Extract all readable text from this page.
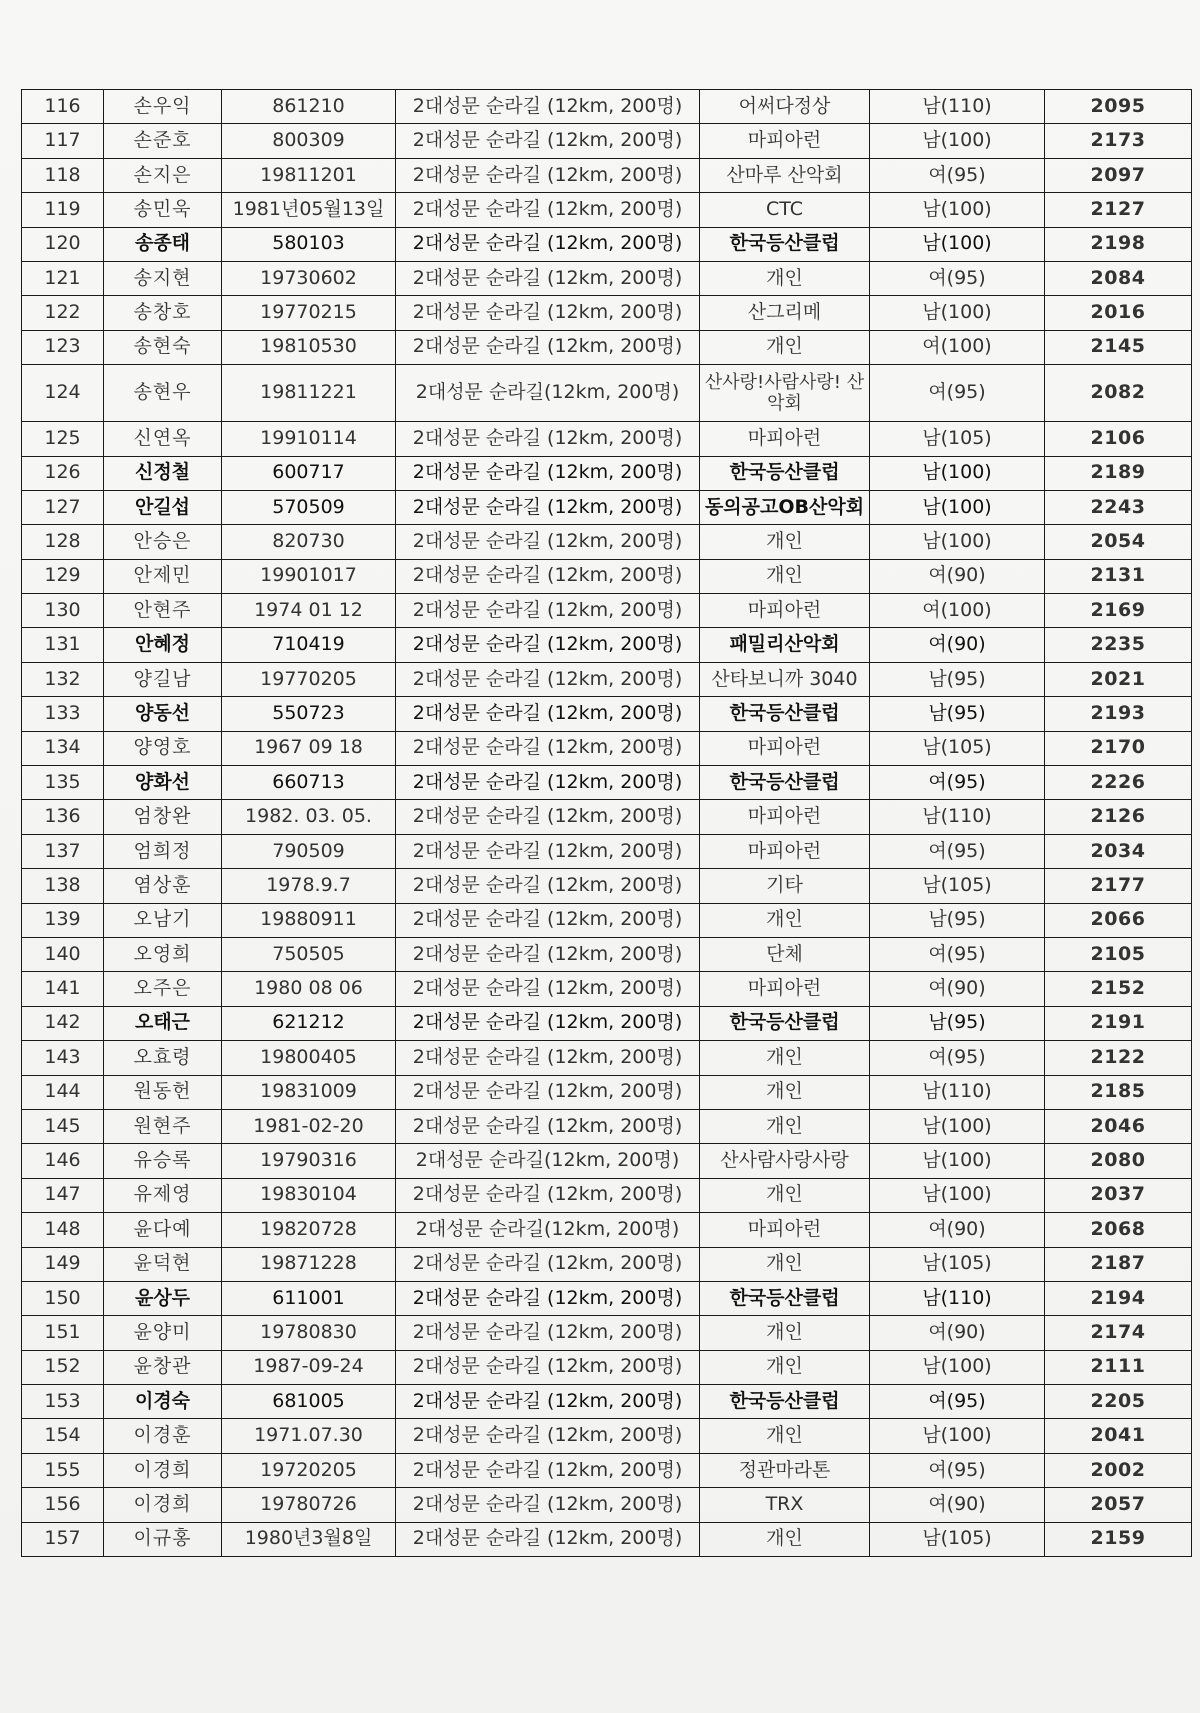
116	손우익	861210	2대성문 순라길 (12km, 200명)	어써다정상	남(110)	2095
117	손준호	800309	2대성문 순라길 (12km, 200명)	마피아런	남(100)	2173
118	손지은	19811201	2대성문 순라길 (12km, 200명)	산마루 산악회	여(95)	2097
119	송민욱	1981년05월13일	2대성문 순라길 (12km, 200명)	CTC	남(100)	2127
120	송종태	580103	2대성문 순라길 (12km, 200명)	한국등산클럽	남(100)	2198
121	송지현	19730602	2대성문 순라길 (12km, 200명)	개인	여(95)	2084
122	송창호	19770215	2대성문 순라길 (12km, 200명)	산그리메	남(100)	2016
123	송현숙	19810530	2대성문 순라길 (12km, 200명)	개인	여(100)	2145
124	송현우	19811221	2대성문 순라길(12km, 200명)	산사랑!사람사랑! 산악회	여(95)	2082
125	신연옥	19910114	2대성문 순라길 (12km, 200명)	마피아런	남(105)	2106
126	신정철	600717	2대성문 순라길 (12km, 200명)	한국등산클럽	남(100)	2189
127	안길섭	570509	2대성문 순라길 (12km, 200명)	동의공고OB산악회	남(100)	2243
128	안승은	820730	2대성문 순라길 (12km, 200명)	개인	남(100)	2054
129	안제민	19901017	2대성문 순라길 (12km, 200명)	개인	여(90)	2131
130	안현주	1974 01 12	2대성문 순라길 (12km, 200명)	마피아런	여(100)	2169
131	안혜정	710419	2대성문 순라길 (12km, 200명)	패밀리산악회	여(90)	2235
132	양길남	19770205	2대성문 순라길 (12km, 200명)	산타보니까 3040	남(95)	2021
133	양동선	550723	2대성문 순라길 (12km, 200명)	한국등산클럽	남(95)	2193
134	양영호	1967 09 18	2대성문 순라길 (12km, 200명)	마피아런	남(105)	2170
135	양화선	660713	2대성문 순라길 (12km, 200명)	한국등산클럽	여(95)	2226
136	엄창완	1982. 03. 05.	2대성문 순라길 (12km, 200명)	마피아런	남(110)	2126
137	엄희정	790509	2대성문 순라길 (12km, 200명)	마피아런	여(95)	2034
138	염상훈	1978.9.7	2대성문 순라길 (12km, 200명)	기타	남(105)	2177
139	오남기	19880911	2대성문 순라길 (12km, 200명)	개인	남(95)	2066
140	오영희	750505	2대성문 순라길 (12km, 200명)	단체	여(95)	2105
141	오주은	1980 08 06	2대성문 순라길 (12km, 200명)	마피아런	여(90)	2152
142	오태근	621212	2대성문 순라길 (12km, 200명)	한국등산클럽	남(95)	2191
143	오효령	19800405	2대성문 순라길 (12km, 200명)	개인	여(95)	2122
144	원동헌	19831009	2대성문 순라길 (12km, 200명)	개인	남(110)	2185
145	원현주	1981-02-20	2대성문 순라길 (12km, 200명)	개인	남(100)	2046
146	유승록	19790316	2대성문 순라길(12km, 200명)	산사람사랑사랑	남(100)	2080
147	유제영	19830104	2대성문 순라길 (12km, 200명)	개인	남(100)	2037
148	윤다예	19820728	2대성문 순라길(12km, 200명)	마피아런	여(90)	2068
149	윤덕현	19871228	2대성문 순라길 (12km, 200명)	개인	남(105)	2187
150	윤상두	611001	2대성문 순라길 (12km, 200명)	한국등산클럽	남(110)	2194
151	윤양미	19780830	2대성문 순라길 (12km, 200명)	개인	여(90)	2174
152	윤창관	1987-09-24	2대성문 순라길 (12km, 200명)	개인	남(100)	2111
153	이경숙	681005	2대성문 순라길 (12km, 200명)	한국등산클럽	여(95)	2205
154	이경훈	1971.07.30	2대성문 순라길 (12km, 200명)	개인	남(100)	2041
155	이경희	19720205	2대성문 순라길 (12km, 200명)	정관마라톤	여(95)	2002
156	이경희	19780726	2대성문 순라길 (12km, 200명)	TRX	여(90)	2057
157	이규홍	1980년3월8일	2대성문 순라길 (12km, 200명)	개인	남(105)	2159
